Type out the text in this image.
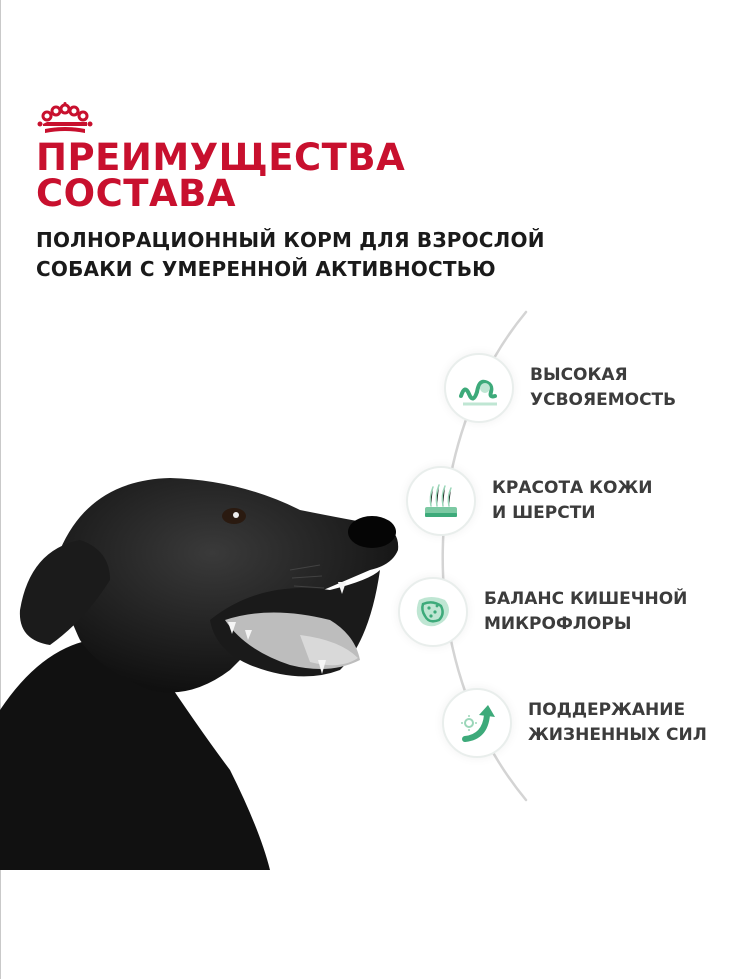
ПРЕИМУЩЕСТВА
СОСТАВА

ПОЛНОРАЦИОННЫЙ КОРМ ДЛЯ ВЗРОСЛОЙ
СОБАКИ С УМЕРЕННОЙ АКТИВНОСТЬЮ

ВЫСОКАЯ
УСВОЯЕМОСТЬ
КРАСОТА КОЖИ
И ШЕРСТИ
БАЛАНС КИШЕЧНОЙ
МИКРОФЛОРЫ
ПОДДЕРЖАНИЕ
ЖИЗНЕННЫХ СИЛ
